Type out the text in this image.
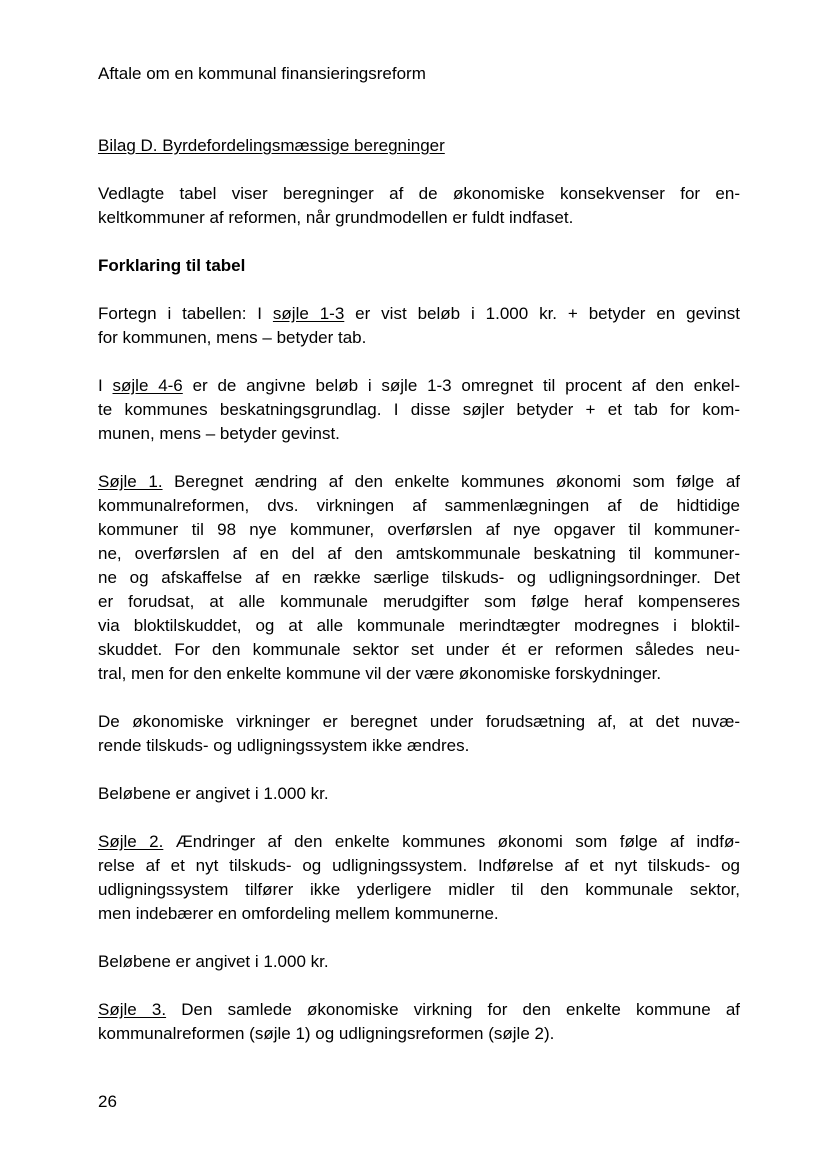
Aftale om en kommunal finansieringsreform
Bilag D. Byrdefordelingsmæssige beregninger
Vedlagte tabel viser beregninger af de økonomiske konsekvenser for en-
keltkommuner af reformen, når grundmodellen er fuldt indfaset.
Forklaring til tabel
Fortegn i tabellen: I søjle 1-3 er vist beløb i 1.000 kr. + betyder en gevinst
for kommunen, mens – betyder tab.
I søjle 4-6 er de angivne beløb i søjle 1-3 omregnet til procent af den enkel-
te kommunes beskatningsgrundlag. I disse søjler betyder + et tab for kom-
munen, mens – betyder gevinst.
Søjle 1. Beregnet ændring af den enkelte kommunes økonomi som følge af
kommunalreformen, dvs. virkningen af sammenlægningen af de hidtidige
kommuner til 98 nye kommuner, overførslen af nye opgaver til kommuner-
ne, overførslen af en del af den amtskommunale beskatning til kommuner-
ne og afskaffelse af en række særlige tilskuds- og udligningsordninger. Det
er forudsat, at alle kommunale merudgifter som følge heraf kompenseres
via bloktilskuddet, og at alle kommunale merindtægter modregnes i bloktil-
skuddet. For den kommunale sektor set under ét er reformen således neu-
tral, men for den enkelte kommune vil der være økonomiske forskydninger.
De økonomiske virkninger er beregnet under forudsætning af, at det nuvæ-
rende tilskuds- og udligningssystem ikke ændres.
Beløbene er angivet i 1.000 kr.
Søjle 2. Ændringer af den enkelte kommunes økonomi som følge af indfø-
relse af et nyt tilskuds- og udligningssystem. Indførelse af et nyt tilskuds- og
udligningssystem tilfører ikke yderligere midler til den kommunale sektor,
men indebærer en omfordeling mellem kommunerne.
Beløbene er angivet i 1.000 kr.
Søjle 3. Den samlede økonomiske virkning for den enkelte kommune af
kommunalreformen (søjle 1) og udligningsreformen (søjle 2).
26
